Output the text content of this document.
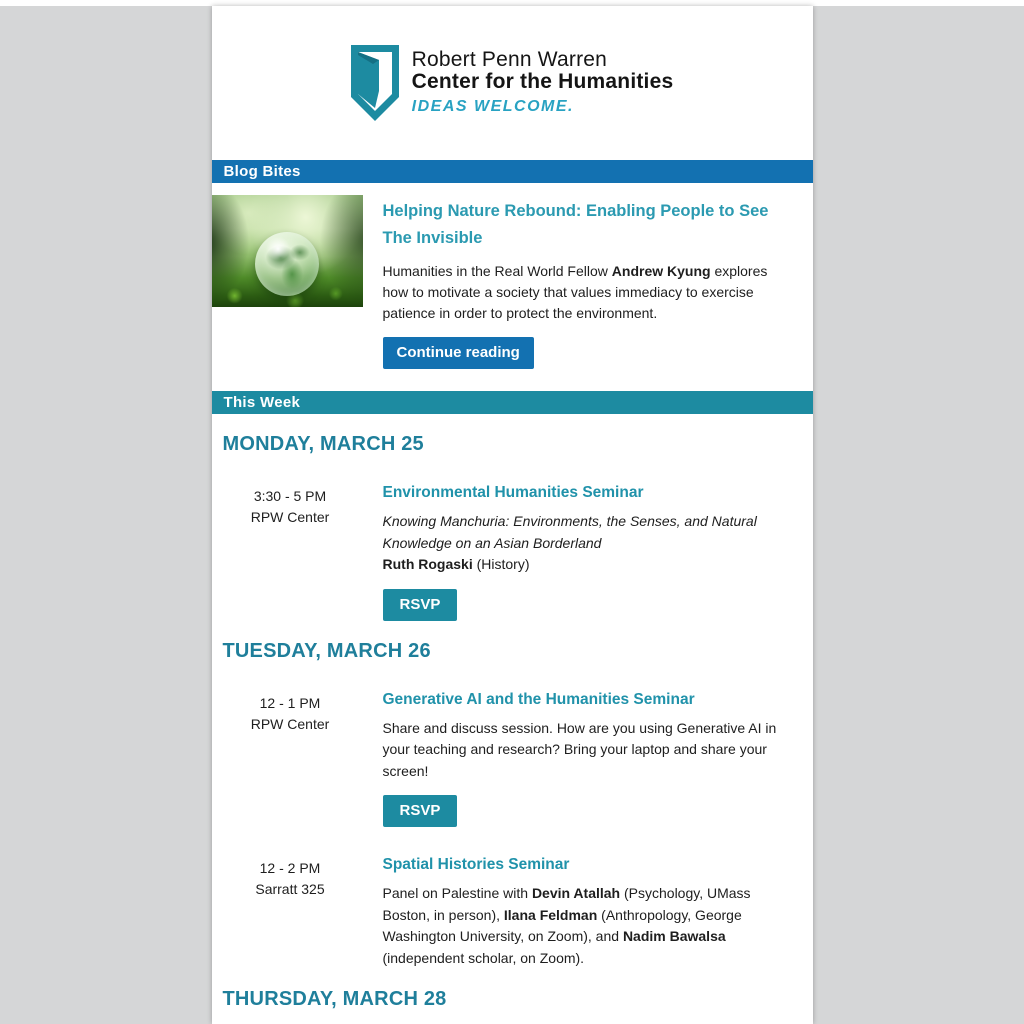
Robert Penn Warren
Center for the Humanities
IDEAS WELCOME.
Blog Bites
Helping Nature Rebound: Enabling People to See The Invisible

Humanities in the Real World Fellow Andrew Kyung explores how to motivate a society that values immediacy to exercise patience in order to protect the environment.

Continue reading
This Week
MONDAY, MARCH 25
3:30 - 5 PM
RPW Center
Environmental Humanities Seminar

Knowing Manchuria: Environments, the Senses, and Natural Knowledge on an Asian Borderland

Ruth Rogaski (History)

RSVP
TUESDAY, MARCH 26
12 - 1 PM
RPW Center
Generative AI and the Humanities Seminar

Share and discuss session. How are you using Generative AI in your teaching and research? Bring your laptop and share your screen!

RSVP
12 - 2 PM
Sarratt 325
Spatial Histories Seminar

Panel on Palestine with Devin Atallah (Psychology, UMass Boston, in person), Ilana Feldman (Anthropology, George Washington University, on Zoom), and Nadim Bawalsa (independent scholar, on Zoom).

THURSDAY, MARCH 28
